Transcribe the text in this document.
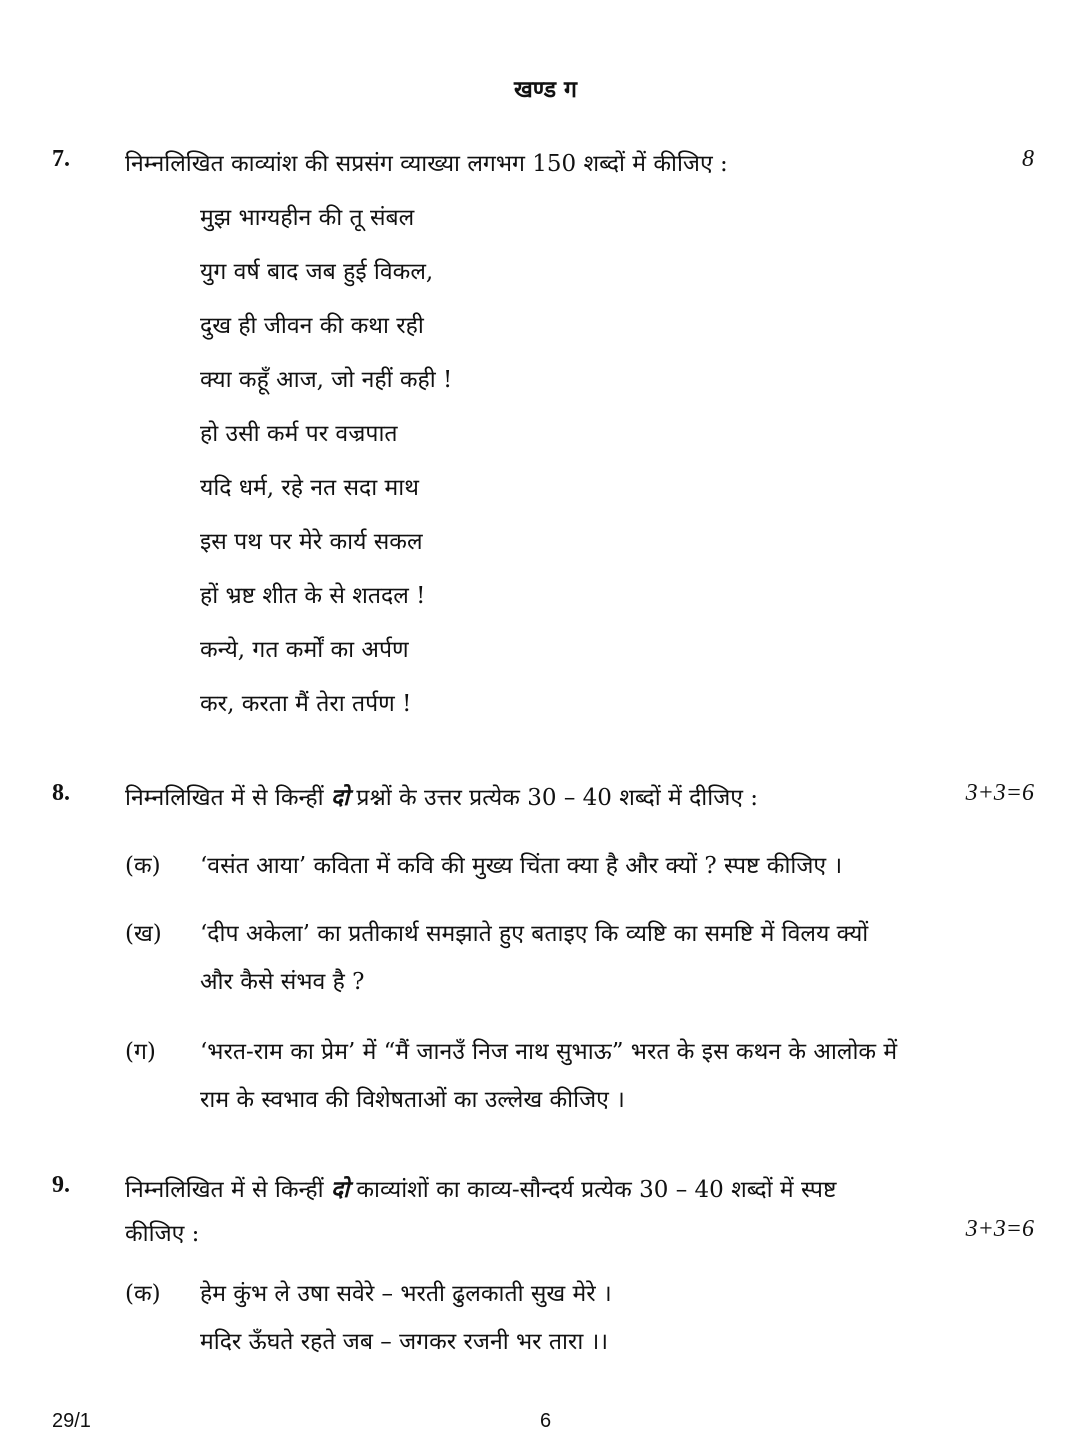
खण्ड ग
7. निम्नलिखित काव्यांश की सप्रसंग व्याख्या लगभग 150 शब्दों में कीजिए :	8
मुझ भाग्यहीन की तू संबल
युग वर्ष बाद जब हुई विकल,
दुख ही जीवन की कथा रही
क्या कहूँ आज, जो नहीं कही !
हो उसी कर्म पर वज्रपात
यदि धर्म, रहे नत सदा माथ
इस पथ पर मेरे कार्य सकल
हों भ्रष्ट शीत के से शतदल !
कन्ये, गत कर्मों का अर्पण
कर, करता मैं तेरा तर्पण !
8. निम्नलिखित में से किन्हीं दो प्रश्नों के उत्तर प्रत्येक 30 – 40 शब्दों में दीजिए :	3+3=6
(क) ‘वसंत आया’ कविता में कवि की मुख्य चिंता क्या है और क्यों ? स्पष्ट कीजिए ।
(ख) ‘दीप अकेला’ का प्रतीकार्थ समझाते हुए बताइए कि व्यष्टि का समष्टि में विलय क्यों
और कैसे संभव है ?
(ग) ‘भरत-राम का प्रेम’ में “मैं जानउँ निज नाथ सुभाऊ” भरत के इस कथन के आलोक में
राम के स्वभाव की विशेषताओं का उल्लेख कीजिए ।
9. निम्नलिखित में से किन्हीं दो काव्यांशों का काव्य-सौन्दर्य प्रत्येक 30 – 40 शब्दों में स्पष्ट
कीजिए :	3+3=6
(क) हेम कुंभ ले उषा सवेरे – भरती ढुलकाती सुख मेरे ।
मदिर ऊँघते रहते जब – जगकर रजनी भर तारा ।।
29/1	6
